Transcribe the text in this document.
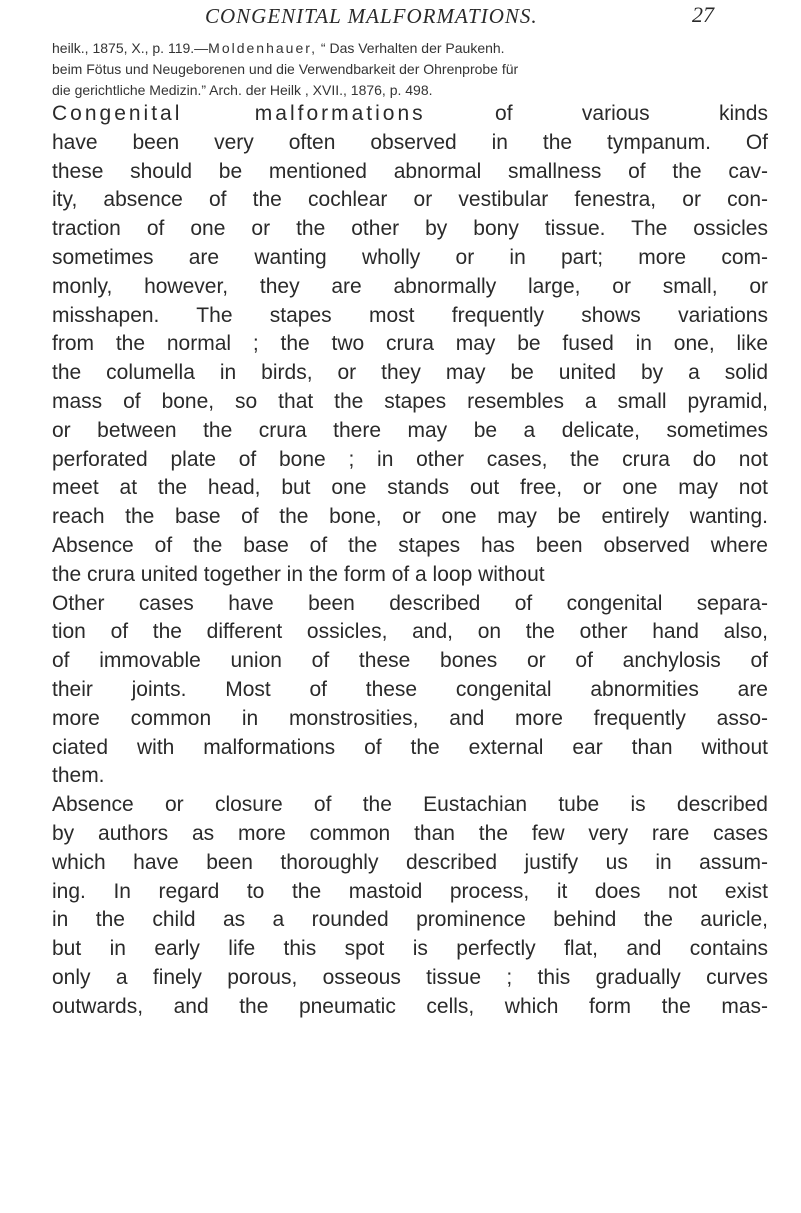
CONGENITAL MALFORMATIONS.	27
heilk., 1875, X., p. 119.—Moldenhauer, “ Das Verhalten der Paukenh.
beim Fötus und Neugeborenen und die Verwendbarkeit der Ohrenprobe für
die gerichtliche Medizin.” Arch. der Heilk , XVII., 1876, p. 498.
Congenital malformations of various kinds
have been very often observed in the tympanum. Of
these should be mentioned abnormal smallness of the cav-
ity, absence of the cochlear or vestibular fenestra, or con-
traction of one or the other by bony tissue. The ossicles
sometimes are wanting wholly or in part; more com-
monly, however, they are abnormally large, or small, or
misshapen. The stapes most frequently shows variations
from the normal ; the two crura may be fused in one, like
the columella in birds, or they may be united by a solid
mass of bone, so that the stapes resembles a small pyramid,
or between the crura there may be a delicate, sometimes
perforated plate of bone ; in other cases, the crura do not
meet at the head, but one stands out free, or one may not
reach the base of the bone, or one may be entirely wanting.
Absence of the base of the stapes has been observed where
the crura united together in the form of a loop without
Other cases have been described of congenital separa-
tion of the different ossicles, and, on the other hand also,
of immovable union of these bones or of anchylosis of
their joints. Most of these congenital abnormities are
more common in monstrosities, and more frequently asso-
ciated with malformations of the external ear than without
them.
Absence or closure of the Eustachian tube is described
by authors as more common than the few very rare cases
which have been thoroughly described justify us in assum-
ing. In regard to the mastoid process, it does not exist
in the child as a rounded prominence behind the auricle,
but in early life this spot is perfectly flat, and contains
only a finely porous, osseous tissue ; this gradually curves
outwards, and the pneumatic cells, which form the mas-
